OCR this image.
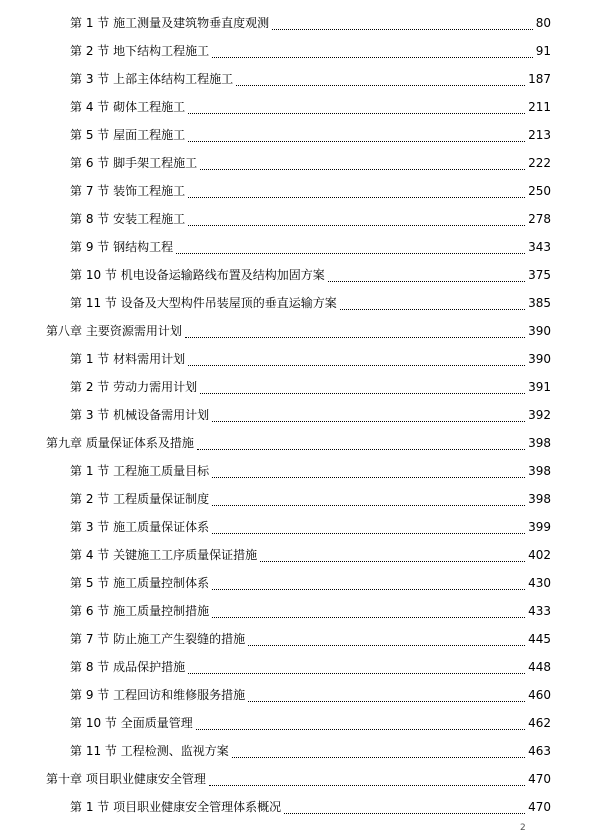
第 1 节 施工测量及建筑物垂直度观测	80
第 2 节 地下结构工程施工	91
第 3 节 上部主体结构工程施工	187
第 4 节 砌体工程施工	211
第 5 节 屋面工程施工	213
第 6 节 脚手架工程施工	222
第 7 节 装饰工程施工	250
第 8 节 安装工程施工	278
第 9 节 钢结构工程	343
第 10 节 机电设备运输路线布置及结构加固方案	375
第 11 节 设备及大型构件吊装屋顶的垂直运输方案	385
第八章 主要资源需用计划	390
第 1 节 材料需用计划	390
第 2 节 劳动力需用计划	391
第 3 节 机械设备需用计划	392
第九章 质量保证体系及措施	398
第 1 节 工程施工质量目标	398
第 2 节 工程质量保证制度	398
第 3 节 施工质量保证体系	399
第 4 节 关键施工工序质量保证措施	402
第 5 节 施工质量控制体系	430
第 6 节 施工质量控制措施	433
第 7 节 防止施工产生裂缝的措施	445
第 8 节 成品保护措施	448
第 9 节 工程回访和维修服务措施	460
第 10 节 全面质量管理	462
第 11 节 工程检测、监视方案	463
第十章 项目职业健康安全管理	470
第 1 节 项目职业健康安全管理体系概况	470
2
